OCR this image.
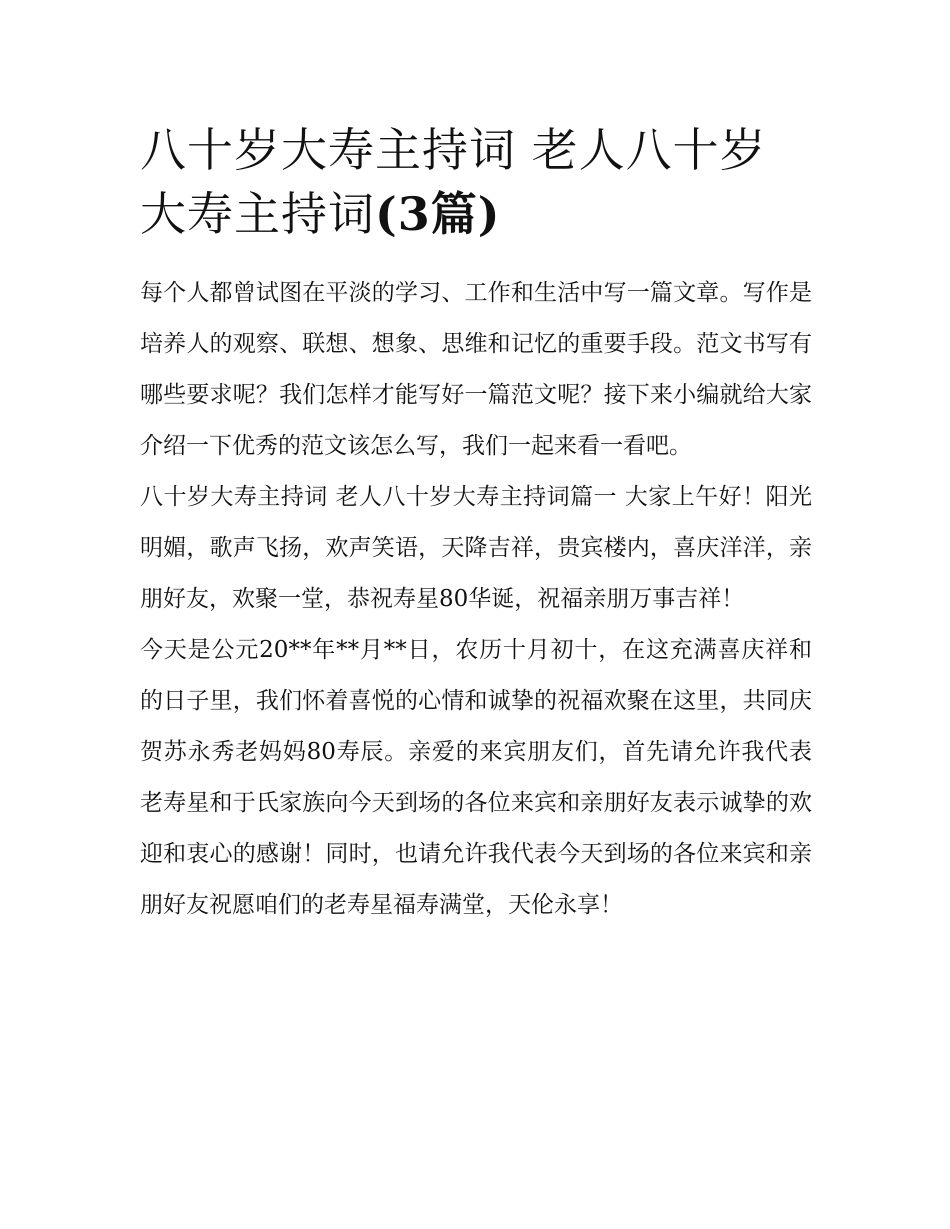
八十岁大寿主持词 老人八十岁大寿主持词(3篇)

每个人都曾试图在平淡的学习、工作和生活中写一篇文章。写作是培养人的观察、联想、想象、思维和记忆的重要手段。范文书写有哪些要求呢？我们怎样才能写好一篇范文呢？接下来小编就给大家介绍一下优秀的范文该怎么写，我们一起来看一看吧。

八十岁大寿主持词 老人八十岁大寿主持词篇一 大家上午好！阳光明媚，歌声飞扬，欢声笑语，天降吉祥，贵宾楼内，喜庆洋洋，亲朋好友，欢聚一堂，恭祝寿星80华诞，祝福亲朋万事吉祥！

今天是公元20**年**月**日，农历十月初十，在这充满喜庆祥和的日子里，我们怀着喜悦的心情和诚挚的祝福欢聚在这里，共同庆贺苏永秀老妈妈80寿辰。亲爱的来宾朋友们，首先请允许我代表老寿星和于氏家族向今天到场的各位来宾和亲朋好友表示诚挚的欢迎和衷心的感谢！同时，也请允许我代表今天到场的各位来宾和亲朋好友祝愿咱们的老寿星福寿满堂，天伦永享！
